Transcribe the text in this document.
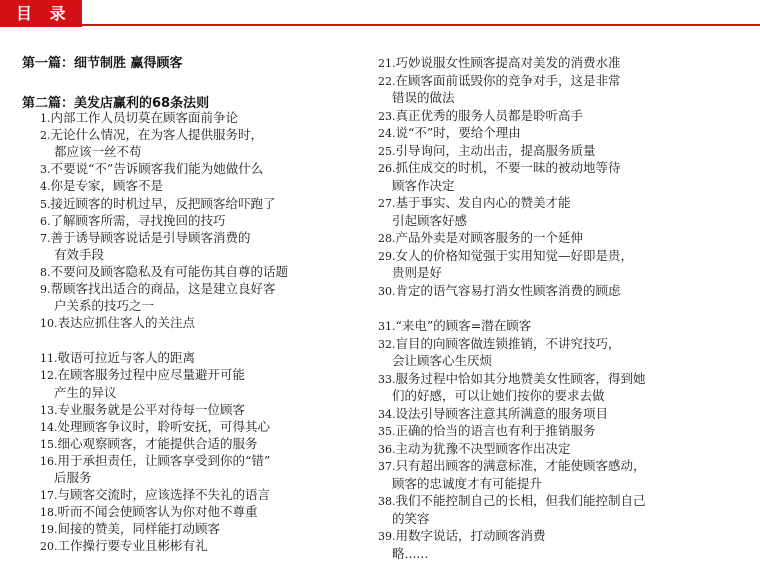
目 录
第一篇：细节制胜 赢得顾客
第二篇：美发店赢利的68条法则
1.内部工作人员切莫在顾客面前争论
2.无论什么情况，在为客人提供服务时，
都应该一丝不苟
3.不要说“不”告诉顾客我们能为她做什么
4.你是专家，顾客不是
5.接近顾客的时机过早，反把顾客给吓跑了
6.了解顾客所需，寻找挽回的技巧
7.善于诱导顾客说话是引导顾客消费的
有效手段
8.不要问及顾客隐私及有可能伤其自尊的话题
9.帮顾客找出适合的商品，这是建立良好客
户关系的技巧之一
10.表达应抓住客人的关注点
11.敬语可拉近与客人的距离
12.在顾客服务过程中应尽量避开可能
产生的异议
13.专业服务就是公平对待每一位顾客
14.处理顾客争议时，聆听安抚，可得其心
15.细心观察顾客，才能提供合适的服务
16.用于承担责任，让顾客享受到你的“错”
后服务
17.与顾客交流时，应该选择不失礼的语言
18.听而不闻会使顾客认为你对他不尊重
19.间接的赞美，同样能打动顾客
20.工作操行要专业且彬彬有礼
21.巧妙说服女性顾客提高对美发的消费水准
22.在顾客面前诋毁你的竞争对手，这是非常
错误的做法
23.真正优秀的服务人员都是聆听高手
24.说“不”时，要给个理由
25.引导询问，主动出击，提高服务质量
26.抓住成交的时机，不要一昧的被动地等待
顾客作决定
27.基于事实、发自内心的赞美才能
引起顾客好感
28.产品外卖是对顾客服务的一个延伸
29.女人的价格知觉强于实用知觉—好即是贵，
贵则是好
30.肯定的语气容易打消女性顾客消费的顾虑
31.“来电”的顾客=潜在顾客
32.盲目的向顾客做连锁推销，不讲究技巧，
会让顾客心生厌烦
33.服务过程中恰如其分地赞美女性顾客，得到她
们的好感，可以让她们按你的要求去做
34.设法引导顾客注意其所满意的服务项目
35.正确的恰当的语言也有利于推销服务
36.主动为犹豫不决型顾客作出决定
37.只有超出顾客的满意标准，才能使顾客感动，
顾客的忠诚度才有可能提升
38.我们不能控制自己的长相，但我们能控制自己
的笑容
39.用数字说话，打动顾客消费
略......
